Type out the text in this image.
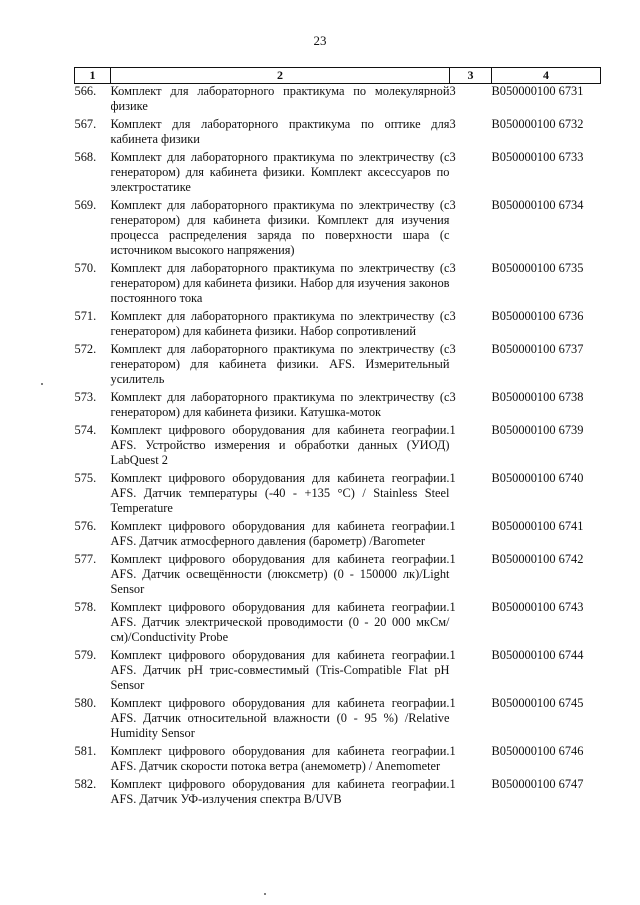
23
1	2	3	4
566.	Комплект для лабораторного практикума по молекулярной физике	3	B050000100 6731
567.	Комплект для лабораторного практикума по оптике для кабинета физики	3	B050000100 6732
568.	Комплект для лабораторного практикума по электричеству (с генератором) для кабинета физики. Комплект аксессуаров по электростатике	3	B050000100 6733
569.	Комплект для лабораторного практикума по электричеству (с генератором) для кабинета физики. Комплект для изучения процесса распределения заряда по поверхности шара (с источником высокого напряжения)	3	B050000100 6734
570.	Комплект для лабораторного практикума по электричеству (с генератором) для кабинета физики. Набор для изучения законов постоянного тока	3	B050000100 6735
571.	Комплект для лабораторного практикума по электричеству (с генератором) для кабинета физики. Набор сопротивлений	3	B050000100 6736
572.	Комплект для лабораторного практикума по электричеству (с генератором) для кабинета физики. AFS. Измерительный усилитель	3	B050000100 6737
573.	Комплект для лабораторного практикума по электричеству (с генератором) для кабинета физики. Катушка-моток	3	B050000100 6738
574.	Комплект цифрового оборудования для кабинета географии. AFS. Устройство измерения и обработки данных (УИОД) LabQuest 2	1	B050000100 6739
575.	Комплект цифрового оборудования для кабинета географии. AFS. Датчик температуры (-40 - +135 °C) / Stainless Steel Temperature	1	B050000100 6740
576.	Комплект цифрового оборудования для кабинета географии. AFS. Датчик атмосферного давления (барометр) /Barometer	1	B050000100 6741
577.	Комплект цифрового оборудования для кабинета географии. AFS. Датчик освещённости (люксметр) (0 - 150000 лк)/Light Sensor	1	B050000100 6742
578.	Комплект цифрового оборудования для кабинета географии. AFS. Датчик электрической проводимости (0 - 20 000 мкСм/см)/Conductivity Probe	1	B050000100 6743
579.	Комплект цифрового оборудования для кабинета географии. AFS. Датчик pH трис-совместимый (Tris-Compatible Flat pH Sensor	1	B050000100 6744
580.	Комплект цифрового оборудования для кабинета географии. AFS. Датчик относительной влажности (0 - 95 %) /Relative Humidity Sensor	1	B050000100 6745
581.	Комплект цифрового оборудования для кабинета географии. AFS. Датчик скорости потока ветра (анемометр) / Anemometer	1	B050000100 6746
582.	Комплект цифрового оборудования для кабинета географии. AFS. Датчик УФ-излучения спектра B/UVB	1	B050000100 6747
